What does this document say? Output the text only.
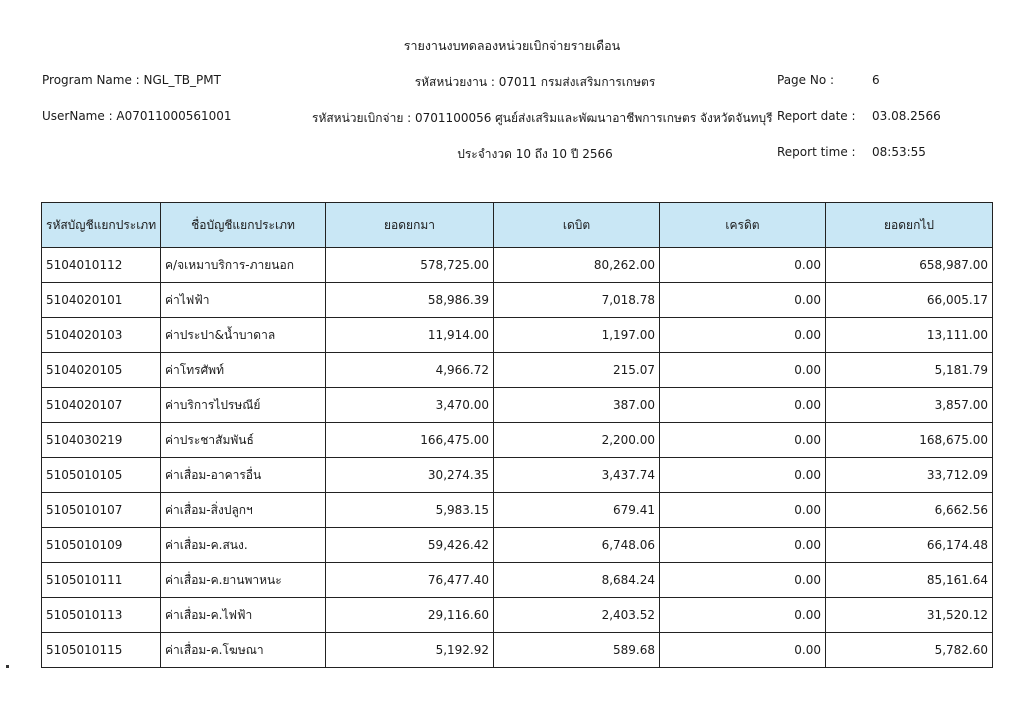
รายงานงบทดลองหน่วยเบิกจ่ายรายเดือน
Program Name : NGL_TB_PMT
UserName : A07011000561001
รหัสหน่วยงาน : 07011 กรมส่งเสริมการเกษตร
รหัสหน่วยเบิกจ่าย : 0701100056 ศูนย์ส่งเสริมและพัฒนาอาชีพการเกษตร จังหวัดจันทบุรี
ประจำงวด 10 ถึง 10 ปี 2566
Page No :	6
Report date : 03.08.2566
Report time : 08:53:55
รหัสบัญชีแยกประเภท	ชื่อบัญชีแยกประเภท	ยอดยกมา	เดบิต	เครดิต	ยอดยกไป
5104010112	ค/จเหมาบริการ-ภายนอก	578,725.00	80,262.00	0.00	658,987.00
5104020101	ค่าไฟฟ้า	58,986.39	7,018.78	0.00	66,005.17
5104020103	ค่าประปา&น้ำบาดาล	11,914.00	1,197.00	0.00	13,111.00
5104020105	ค่าโทรศัพท์	4,966.72	215.07	0.00	5,181.79
5104020107	ค่าบริการไปรษณีย์	3,470.00	387.00	0.00	3,857.00
5104030219	ค่าประชาสัมพันธ์	166,475.00	2,200.00	0.00	168,675.00
5105010105	ค่าเสื่อม-อาคารอื่น	30,274.35	3,437.74	0.00	33,712.09
5105010107	ค่าเสื่อม-สิ่งปลูกฯ	5,983.15	679.41	0.00	6,662.56
5105010109	ค่าเสื่อม-ค.สนง.	59,426.42	6,748.06	0.00	66,174.48
5105010111	ค่าเสื่อม-ค.ยานพาหนะ	76,477.40	8,684.24	0.00	85,161.64
5105010113	ค่าเสื่อม-ค.ไฟฟ้า	29,116.60	2,403.52	0.00	31,520.12
5105010115	ค่าเสื่อม-ค.โฆษณา	5,192.92	589.68	0.00	5,782.60
